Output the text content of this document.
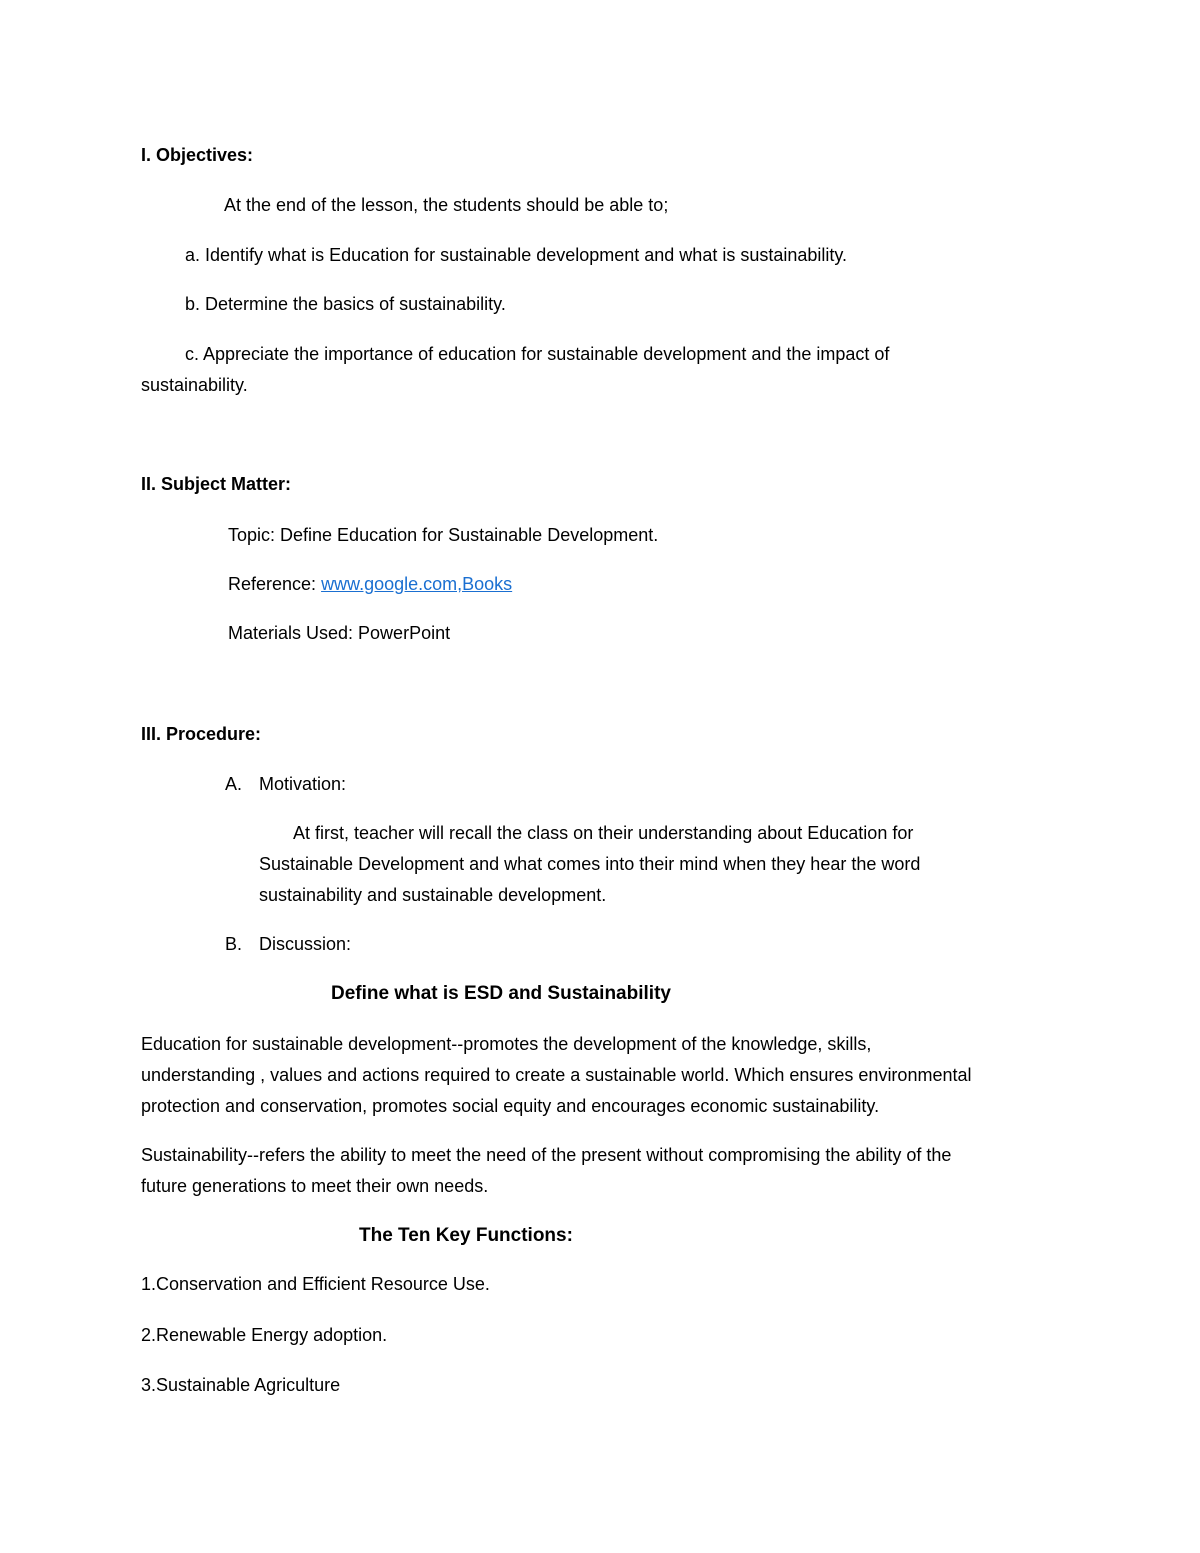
I. Objectives:
At the end of the lesson, the students should be able to;
a. Identify what is Education for sustainable development and what is sustainability.
b. Determine the basics of sustainability.
c. Appreciate the importance of education for sustainable development and the impact of
sustainability.
II. Subject Matter:
Topic: Define Education for Sustainable Development.
Reference: www.google.com,Books
Materials Used: PowerPoint
III. Procedure:
A. Motivation:
At first, teacher will recall the class on their understanding about Education for
Sustainable Development and what comes into their mind when they hear the word
sustainability and sustainable development.
B. Discussion:
Define what is ESD and Sustainability
Education for sustainable development--promotes the development of the knowledge, skills,
understanding , values and actions required to create a sustainable world. Which ensures environmental
protection and conservation, promotes social equity and encourages economic sustainability.
Sustainability--refers the ability to meet the need of the present without compromising the ability of the
future generations to meet their own needs.
The Ten Key Functions:
1.Conservation and Efficient Resource Use.
2.Renewable Energy adoption.
3.Sustainable Agriculture
